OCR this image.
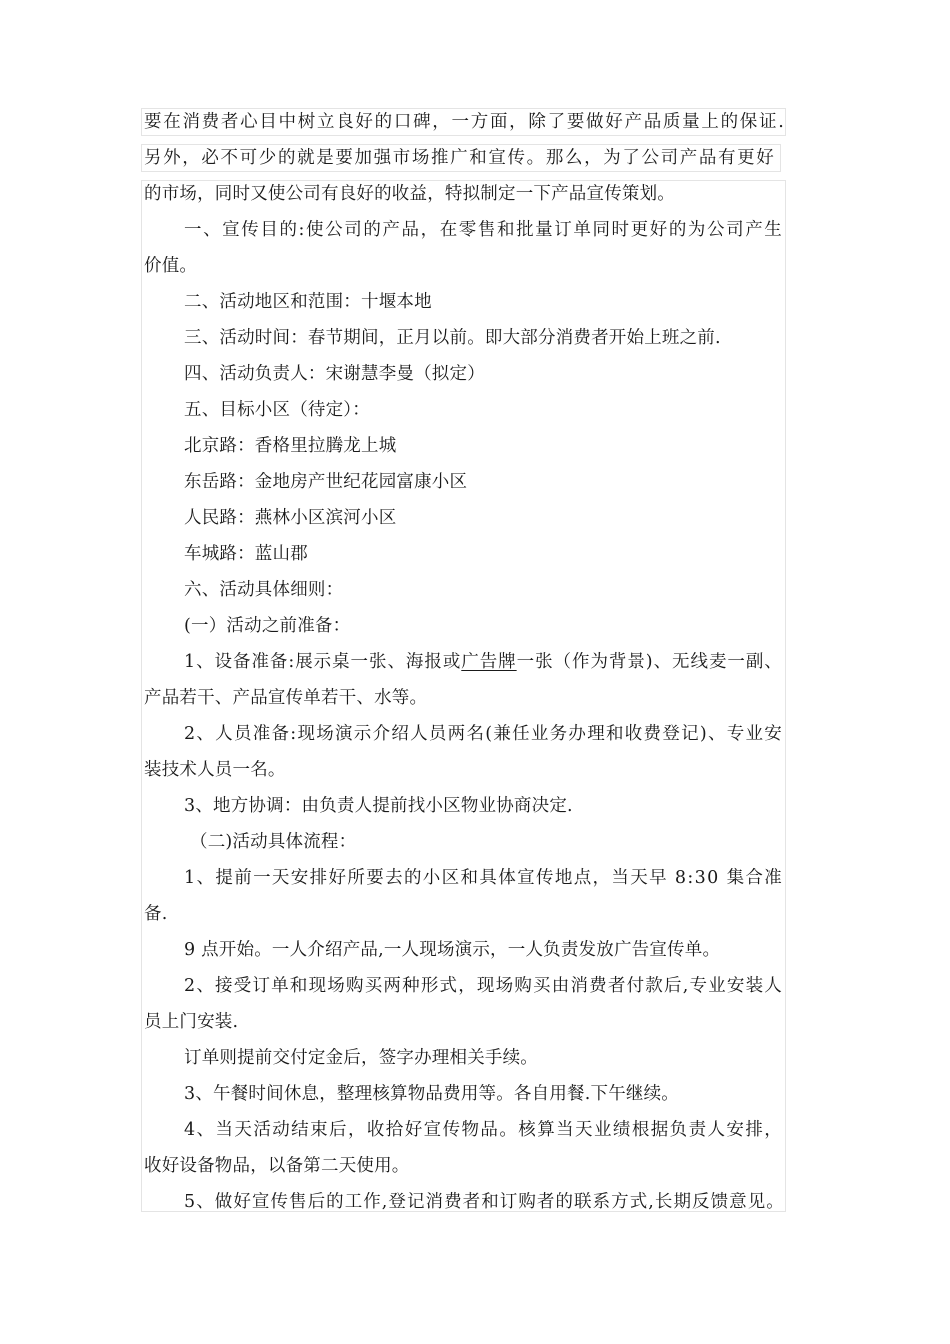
要在消费者心目中树立良好的口碑，一方面，除了要做好产品质量上的保证.
另外，必不可少的就是要加强市场推广和宣传。那么，为了公司产品有更好
的市场，同时又使公司有良好的收益，特拟制定一下产品宣传策划。
一、宣传目的:使公司的产品，在零售和批量订单同时更好的为公司产生
价值。
二、活动地区和范围：十堰本地
三、活动时间：春节期间，正月以前。即大部分消费者开始上班之前.
四、活动负责人：宋谢慧李曼（拟定）
五、目标小区（待定）：
北京路：香格里拉腾龙上城
东岳路：金地房产世纪花园富康小区
人民路：燕林小区滨河小区
车城路：蓝山郡
六、活动具体细则：
(一）活动之前准备：
1、设备准备:展示桌一张、海报或广告牌一张（作为背景)、无线麦一副、
产品若干、产品宣传单若干、水等。
2、人员准备:现场演示介绍人员两名(兼任业务办理和收费登记)、专业安
装技术人员一名。
3、地方协调：由负责人提前找小区物业协商决定.
（二)活动具体流程：
1、提前一天安排好所要去的小区和具体宣传地点，当天早 8:30 集合准
备.
9 点开始。一人介绍产品,一人现场演示，一人负责发放广告宣传单。
2、接受订单和现场购买两种形式，现场购买由消费者付款后,专业安装人
员上门安装.
订单则提前交付定金后，签字办理相关手续。
3、午餐时间休息，整理核算物品费用等。各自用餐.下午继续。
4、当天活动结束后，收拾好宣传物品。核算当天业绩根据负责人安排，
收好设备物品，以备第二天使用。
5、做好宣传售后的工作,登记消费者和订购者的联系方式,长期反馈意见。
